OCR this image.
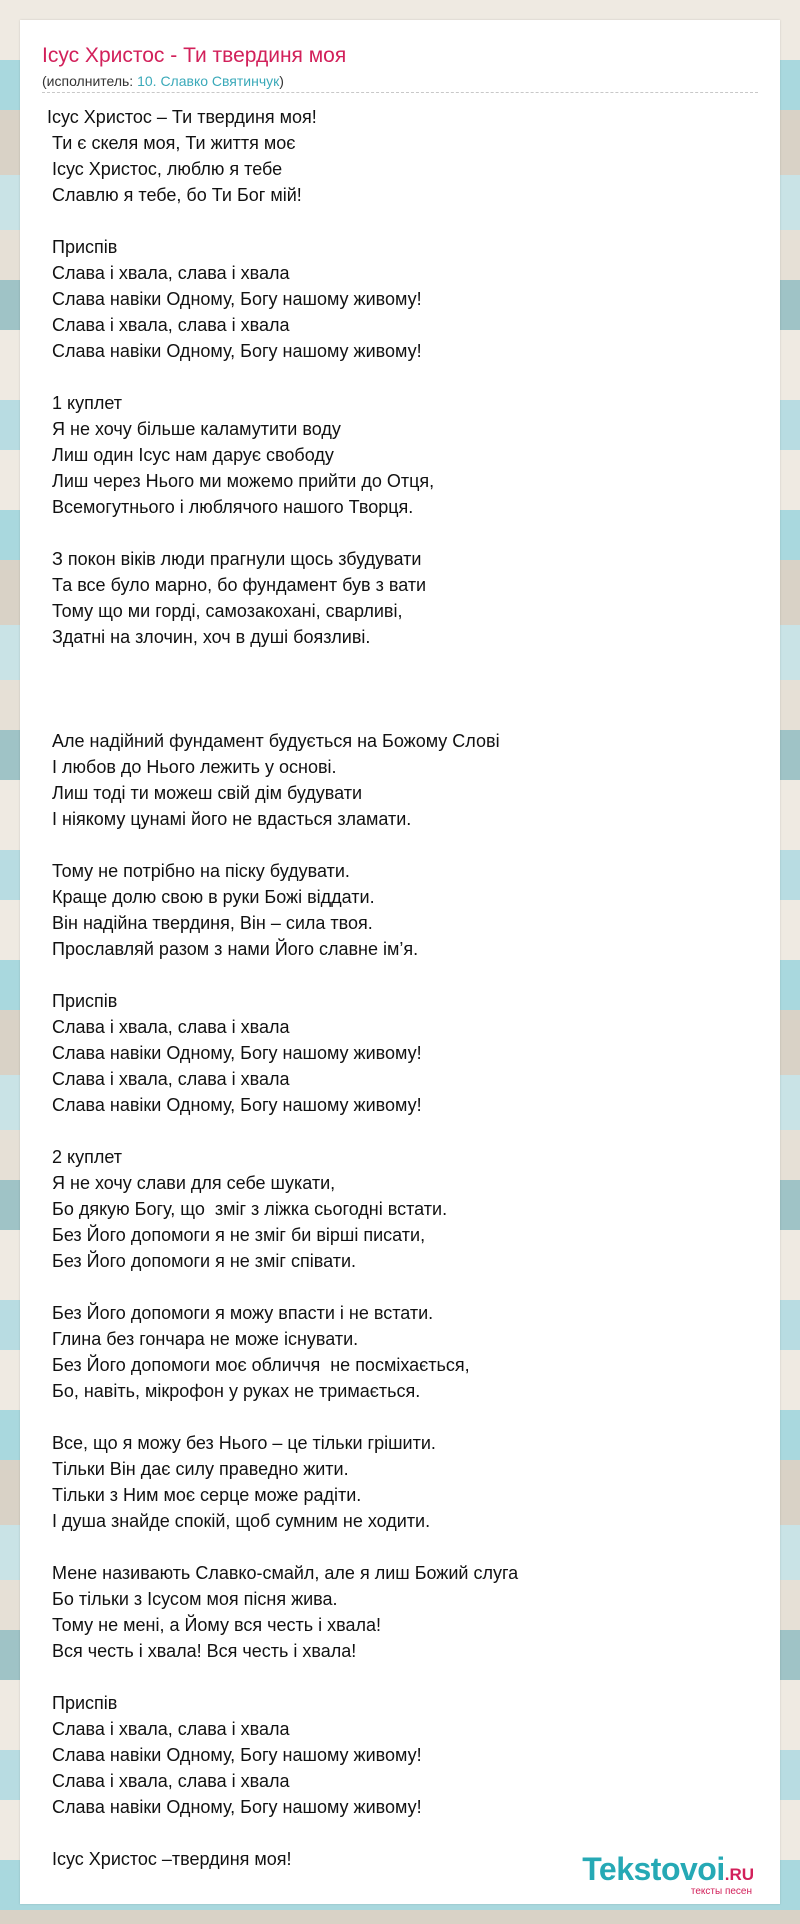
Ісус Христос - Ти твердиня моя
(исполнитель: 10. Славко Святинчук)
Ісус Христос – Ти твердиня моя!
Ти є скеля моя, Ти життя моє
Ісус Христос, люблю я тебе
Славлю я тебе, бо Ти Бог мій!
Приспів
Слава і хвала, слава і хвала
Слава навіки Одному, Богу нашому живому!
Слава і хвала, слава і хвала
Слава навіки Одному, Богу нашому живому!
1 куплет
Я не хочу більше каламутити воду
Лиш один Ісус нам дарує свободу
Лиш через Нього ми можемо прийти до Отця,
Всемогутнього і люблячого нашого Творця.
З покон віків люди прагнули щось збудувати
Та все було марно, бо фундамент був з вати
Тому що ми горді, самозакохані, сварливі,
Здатні на злочин, хоч в душі боязливі.
Але надійний фундамент будується на Божому Слові
І любов до Нього лежить у основі.
Лиш тоді ти можеш свій дім будувати
І ніякому цунамі його не вдасться зламати.
Тому не потрібно на піску будувати.
Краще долю свою в руки Божі віддати.
Він надійна твердиня, Він – сила твоя.
Прославляй разом з нами Його славне ім’я.
Приспів
Слава і хвала, слава і хвала
Слава навіки Одному, Богу нашому живому!
Слава і хвала, слава і хвала
Слава навіки Одному, Богу нашому живому!
2 куплет
Я не хочу слави для себе шукати,
Бо дякую Богу, що  зміг з ліжка сьогодні встати.
Без Його допомоги я не зміг би вірші писати,
Без Його допомоги я не зміг співати.
Без Його допомоги я можу впасти і не встати.
Глина без гончара не може існувати.
Без Його допомоги моє обличчя  не посміхається,
Бо, навіть, мікрофон у руках не тримається.
Все, що я можу без Нього – це тільки грішити.
Тільки Він дає силу праведно жити.
Тільки з Ним моє серце може радіти.
І душа знайде спокій, щоб сумним не ходити.
Мене називають Славко-смайл, але я лиш Божий слуга
Бо тільки з Ісусом моя пісня жива.
Тому не мені, а Йому вся честь і хвала!
Вся честь і хвала! Вся честь і хвала!
Приспів
Слава і хвала, слава і хвала
Слава навіки Одному, Богу нашому живому!
Слава і хвала, слава і хвала
Слава навіки Одному, Богу нашому живому!
Ісус Христос –твердиня моя!	Tekstovoi.RU
тексты песен
